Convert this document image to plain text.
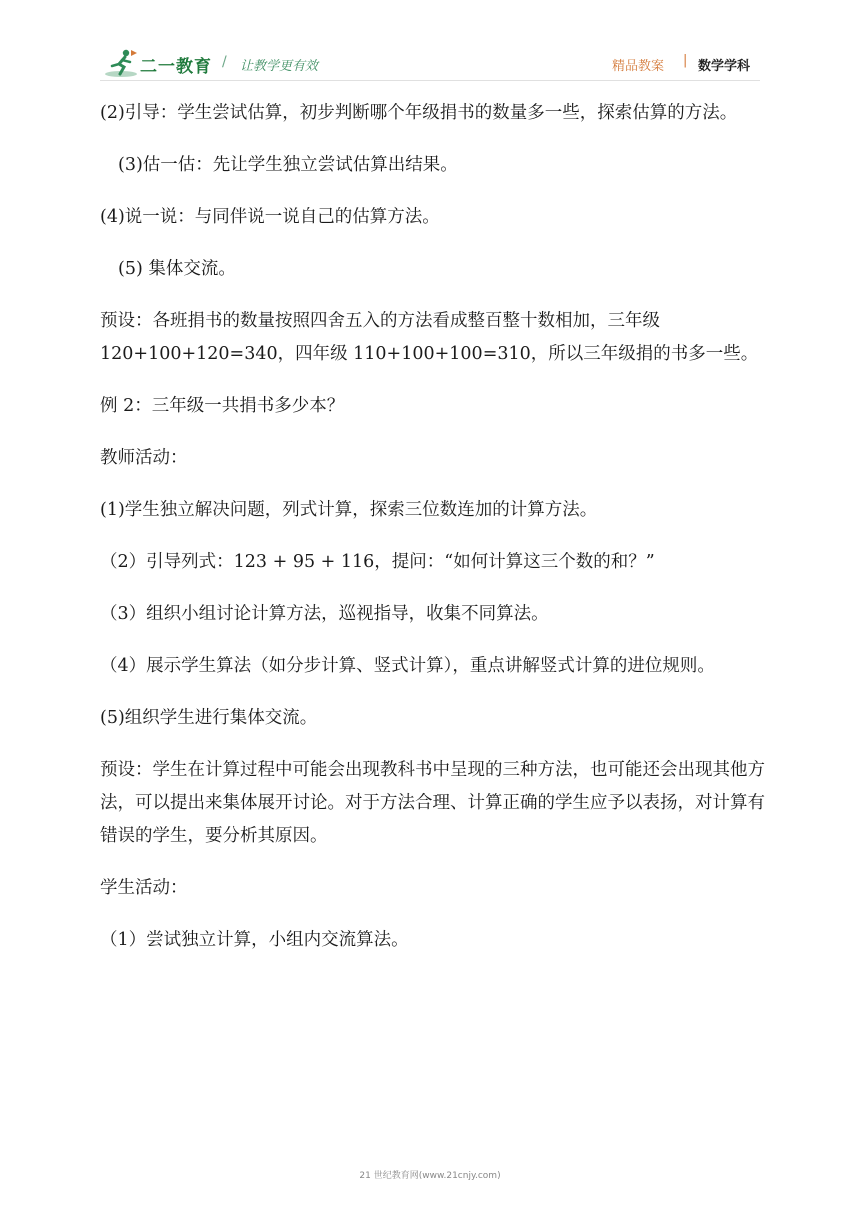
二一教育 / 让教学更有效	精品教案 | 数学学科

(2)引导：学生尝试估算，初步判断哪个年级捐书的数量多一些，探索估算的方法。

(3)估一估：先让学生独立尝试估算出结果。

(4)说一说：与同伴说一说自己的估算方法。

(5) 集体交流。

预设：各班捐书的数量按照四舍五入的方法看成整百整十数相加，三年级120+100+120=340，四年级 110+100+100=310，所以三年级捐的书多一些。

例 2：三年级一共捐书多少本？

教师活动：

(1)学生独立解决问题，列式计算，探索三位数连加的计算方法。

（2）引导列式：123 + 95 + 116，提问：“如何计算这三个数的和？”

（3）组织小组讨论计算方法，巡视指导，收集不同算法。

（4）展示学生算法（如分步计算、竖式计算），重点讲解竖式计算的进位规则。

(5)组织学生进行集体交流。

预设：学生在计算过程中可能会出现教科书中呈现的三种方法，也可能还会出现其他方法，可以提出来集体展开讨论。对于方法合理、计算正确的学生应予以表扬，对计算有错误的学生，要分析其原因。

学生活动：

（1）尝试独立计算，小组内交流算法。

21 世纪教育网(www.21cnjy.com)
